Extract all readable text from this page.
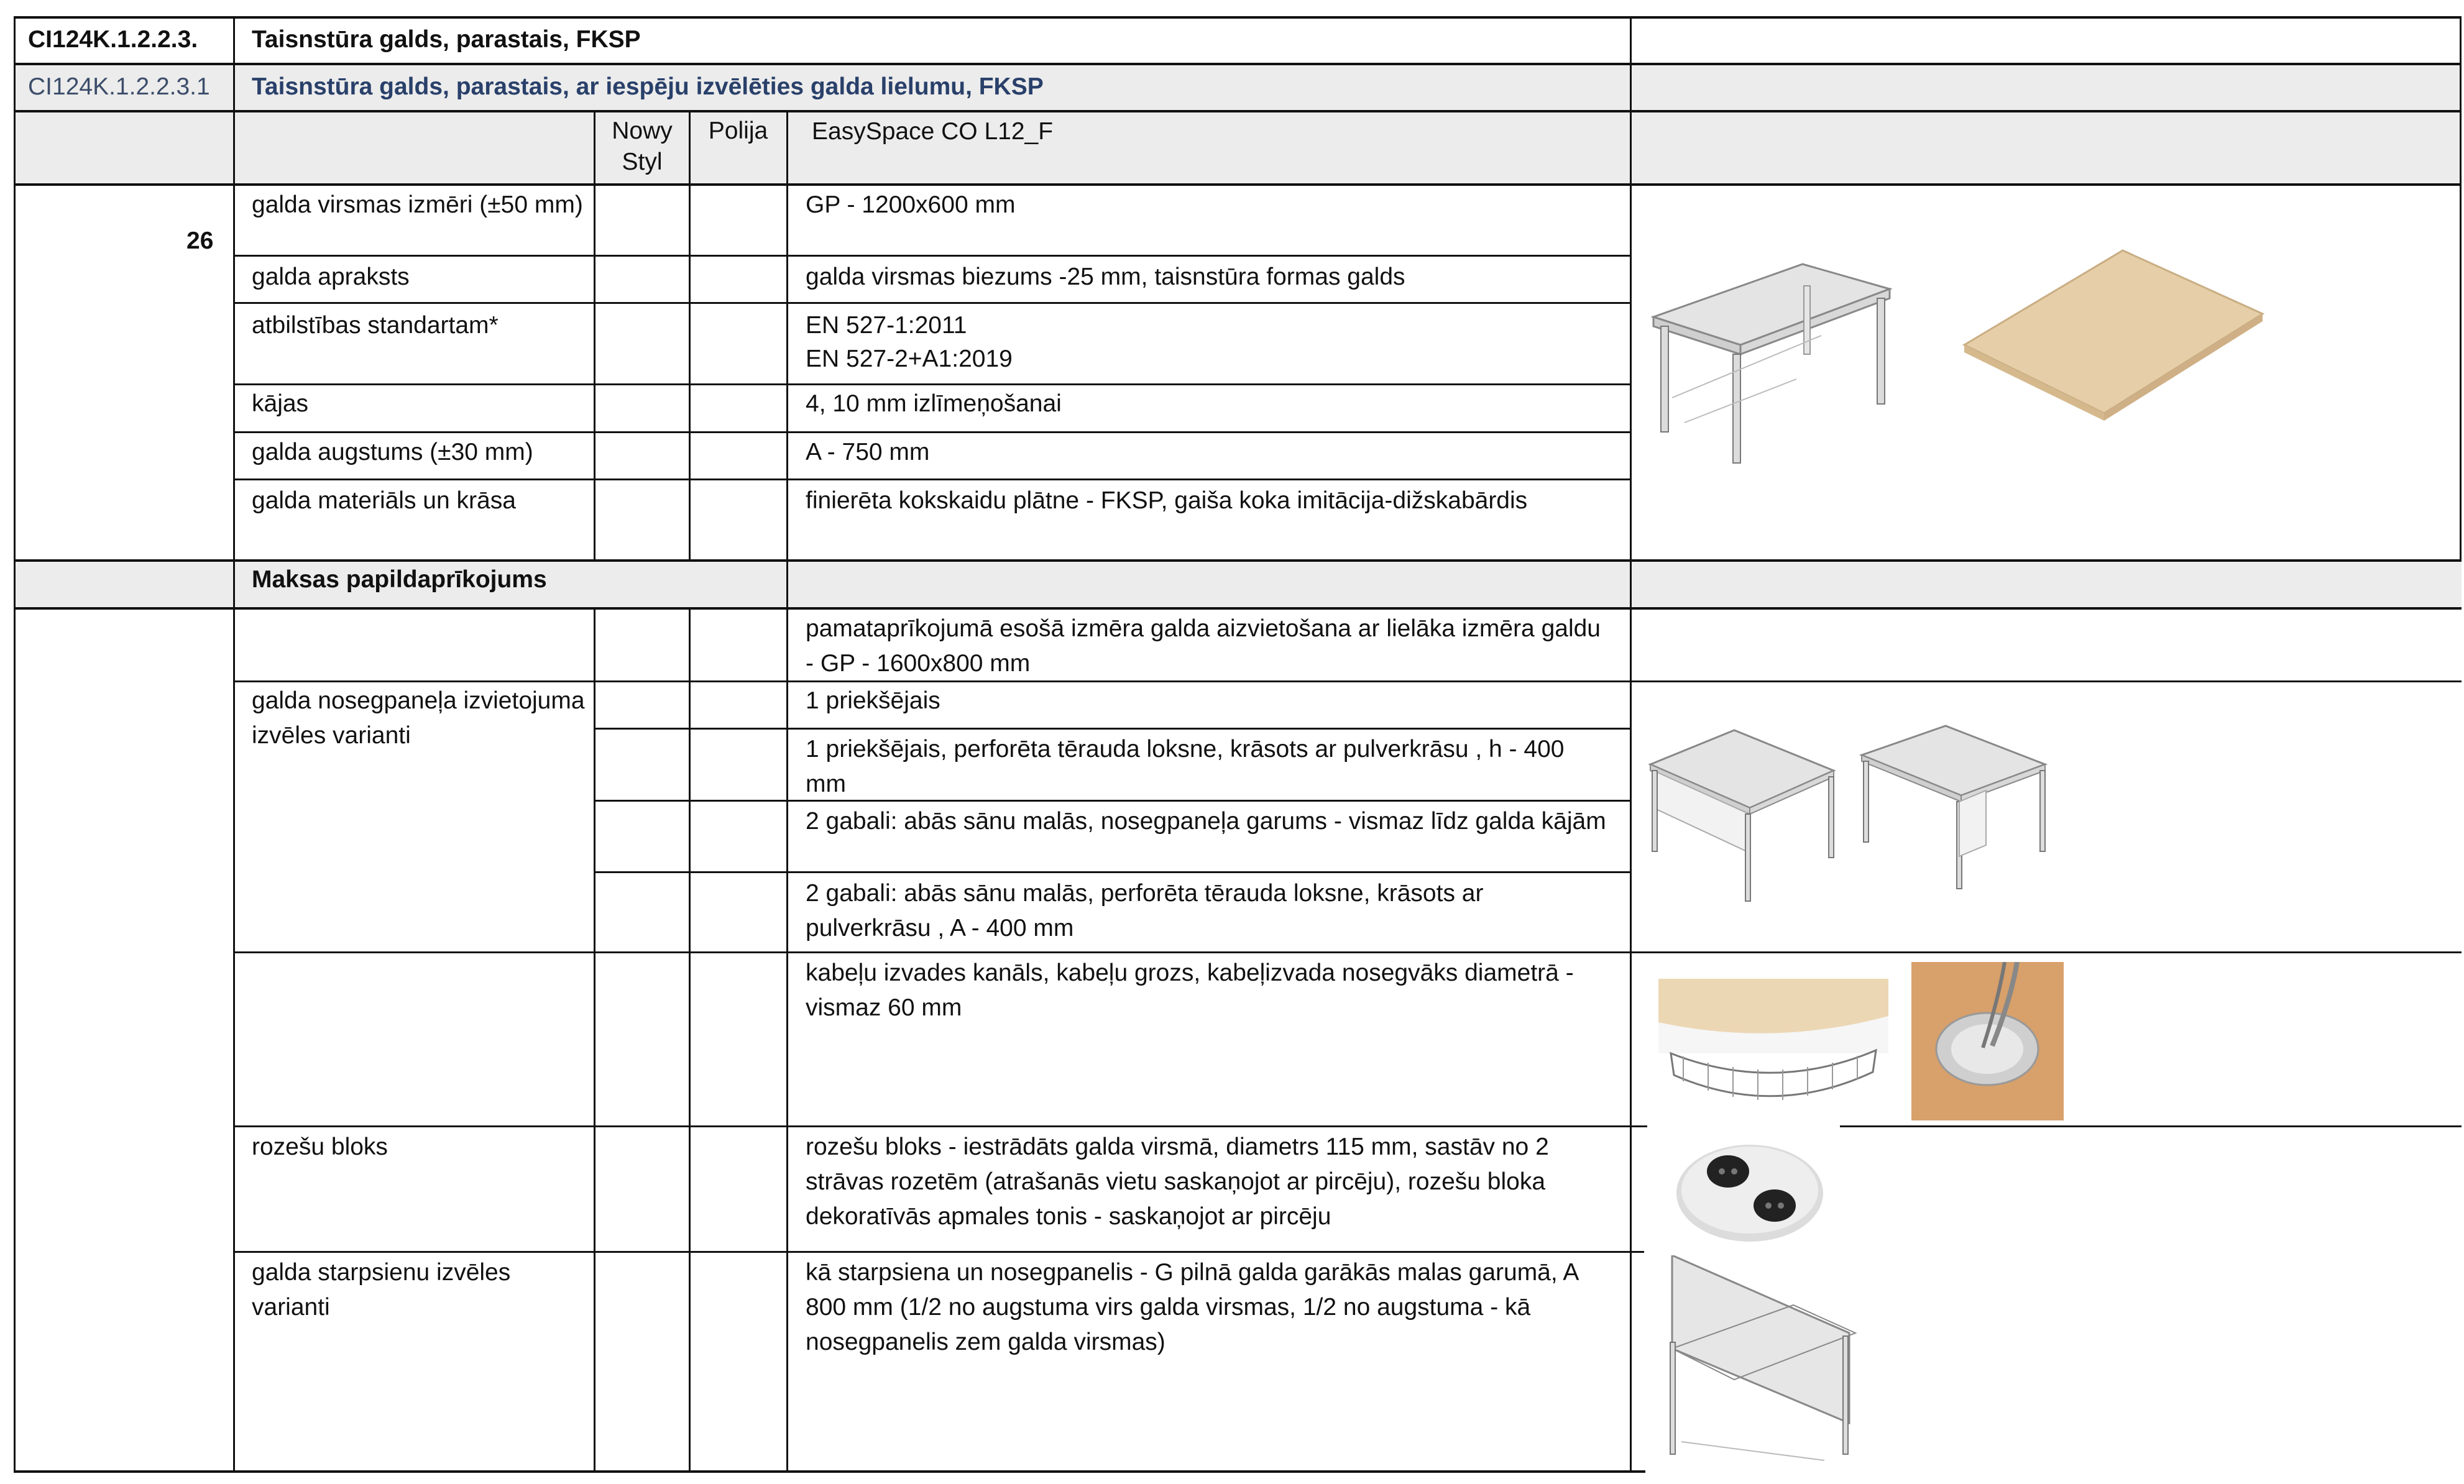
CI124K.1.2.2.3. Taisnstūra galds, parastais, FKSP
CI124K.1.2.2.3.1 Taisnstūra galds, parastais, ar iespēju izvēlēties galda lielumu, FKSP
Nowy Styl
Polija	EasySpace CO L12_F
26
galda virsmas izmēri (±50 mm)
galda apraksts
atbilstības standartam*
kājas
galda augstums (±30 mm)
galda materiāls un krāsa
GP - 1200x600 mm
galda virsmas biezums -25 mm, taisnstūra formas galds
EN 527-1:2011
EN 527-2+A1:2019
4, 10 mm izlīmeņošanai
A - 750 mm
finierēta kokskaidu plātne - FKSP, gaiša koka imitācija-dižskabārdis
Maksas papildaprīkojums
pamataprīkojumā esošā izmēra galda aizvietošana ar lielāka izmēra galdu - GP - 1600x800 mm
galda nosegpaneļa izvietojuma izvēles varianti
1 priekšējais
1 priekšējais, perforēta tērauda loksne, krāsots ar pulverkrāsu , h - 400 mm
2 gabali: abās sānu malās, nosegpaneļa garums - vismaz līdz galda kājām
2 gabali: abās sānu malās, perforēta tērauda loksne, krāsots ar pulverkrāsu , A - 400 mm
kabeļu izvades kanāls, kabeļu grozs, kabeļizvada nosegvāks diametrā - vismaz 60 mm
rozešu bloks	rozešu bloks - iestrādāts galda virsmā, diametrs 115 mm, sastāv no 2 strāvas rozetēm (atrašanās vietu saskaņojot ar pircēju), rozešu bloka dekoratīvās apmales tonis - saskaņojot ar pircēju
galda starpsienu izvēles varianti
kā starpsiena un nosegpanelis - G pilnā galda garākās malas garumā, A 800 mm (1/2 no augstuma virs galda virsmas, 1/2 no augstuma - kā nosegpanelis zem galda virsmas)
